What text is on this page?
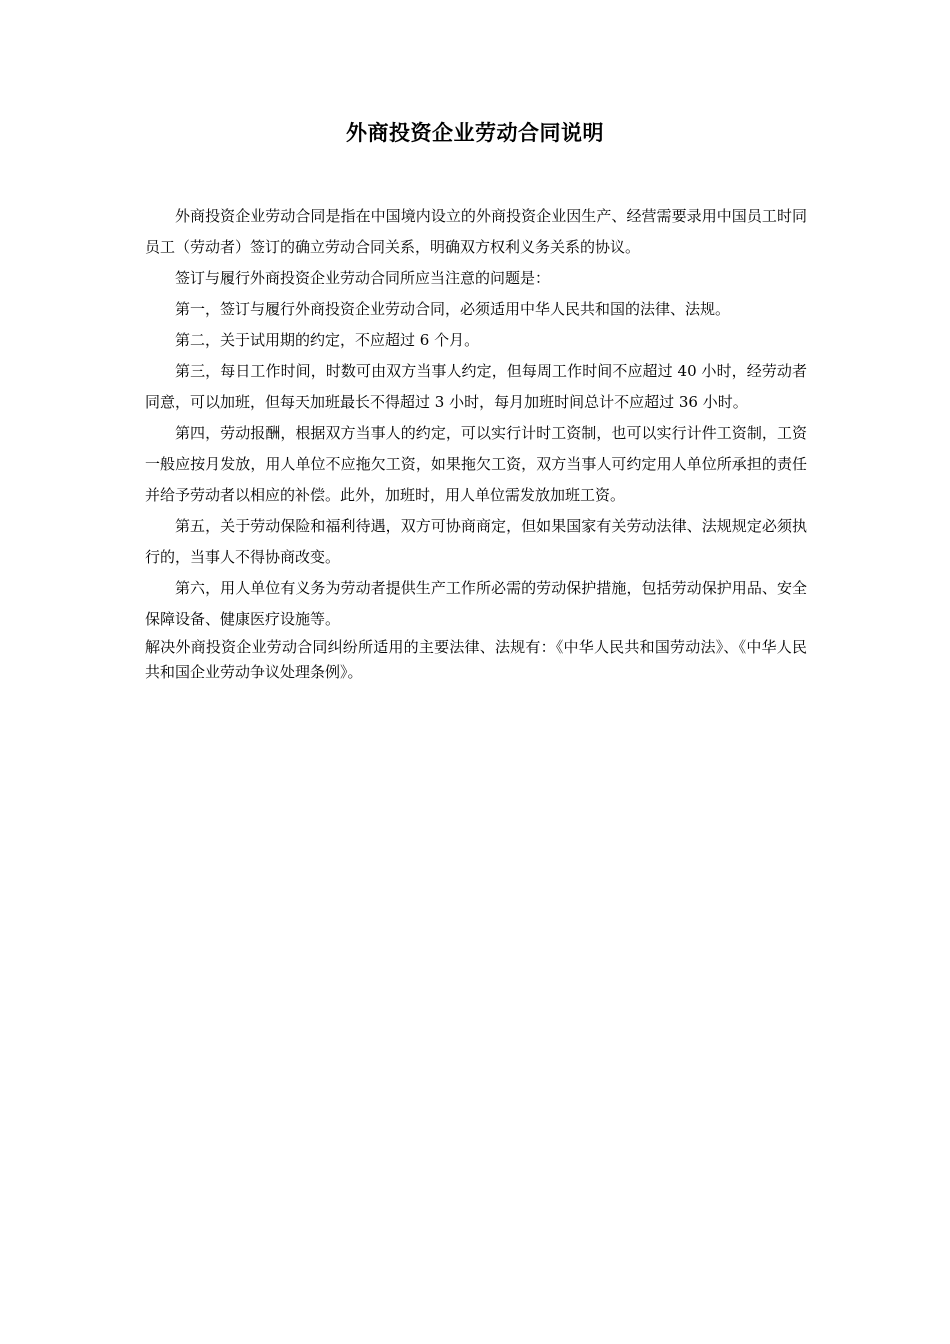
外商投资企业劳动合同说明

外商投资企业劳动合同是指在中国境内设立的外商投资企业因生产、经营需要录用中国员工时同员工（劳动者）签订的确立劳动合同关系，明确双方权利义务关系的协议。

签订与履行外商投资企业劳动合同所应当注意的问题是：

第一，签订与履行外商投资企业劳动合同，必须适用中华人民共和国的法律、法规。

第二，关于试用期的约定，不应超过 6 个月。

第三，每日工作时间，时数可由双方当事人约定，但每周工作时间不应超过 40 小时，经劳动者同意，可以加班，但每天加班最长不得超过 3 小时，每月加班时间总计不应超过 36 小时。

第四，劳动报酬，根据双方当事人的约定，可以实行计时工资制，也可以实行计件工资制，工资一般应按月发放，用人单位不应拖欠工资，如果拖欠工资，双方当事人可约定用人单位所承担的责任并给予劳动者以相应的补偿。此外，加班时，用人单位需发放加班工资。

第五，关于劳动保险和福利待遇，双方可协商商定，但如果国家有关劳动法律、法规规定必须执行的，当事人不得协商改变。

第六，用人单位有义务为劳动者提供生产工作所必需的劳动保护措施，包括劳动保护用品、安全保障设备、健康医疗设施等。

解决外商投资企业劳动合同纠纷所适用的主要法律、法规有：《中华人民共和国劳动法》、《中华人民共和国企业劳动争议处理条例》。
